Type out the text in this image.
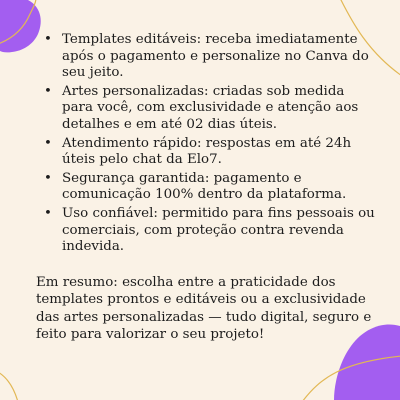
• Templates editáveis: receba imediatamente após o pagamento e personalize no Canva do seu jeito.
• Artes personalizadas: criadas sob medida para você, com exclusividade e atenção aos detalhes e em até 02 dias úteis.
• Atendimento rápido: respostas em até 24h úteis pelo chat da Elo7.
• Segurança garantida: pagamento e comunicação 100% dentro da plataforma.
• Uso confiável: permitido para fins pessoais ou comerciais, com proteção contra revenda indevida.

Em resumo: escolha entre a praticidade dos templates prontos e editáveis ou a exclusividade das artes personalizadas — tudo digital, seguro e feito para valorizar o seu projeto!
